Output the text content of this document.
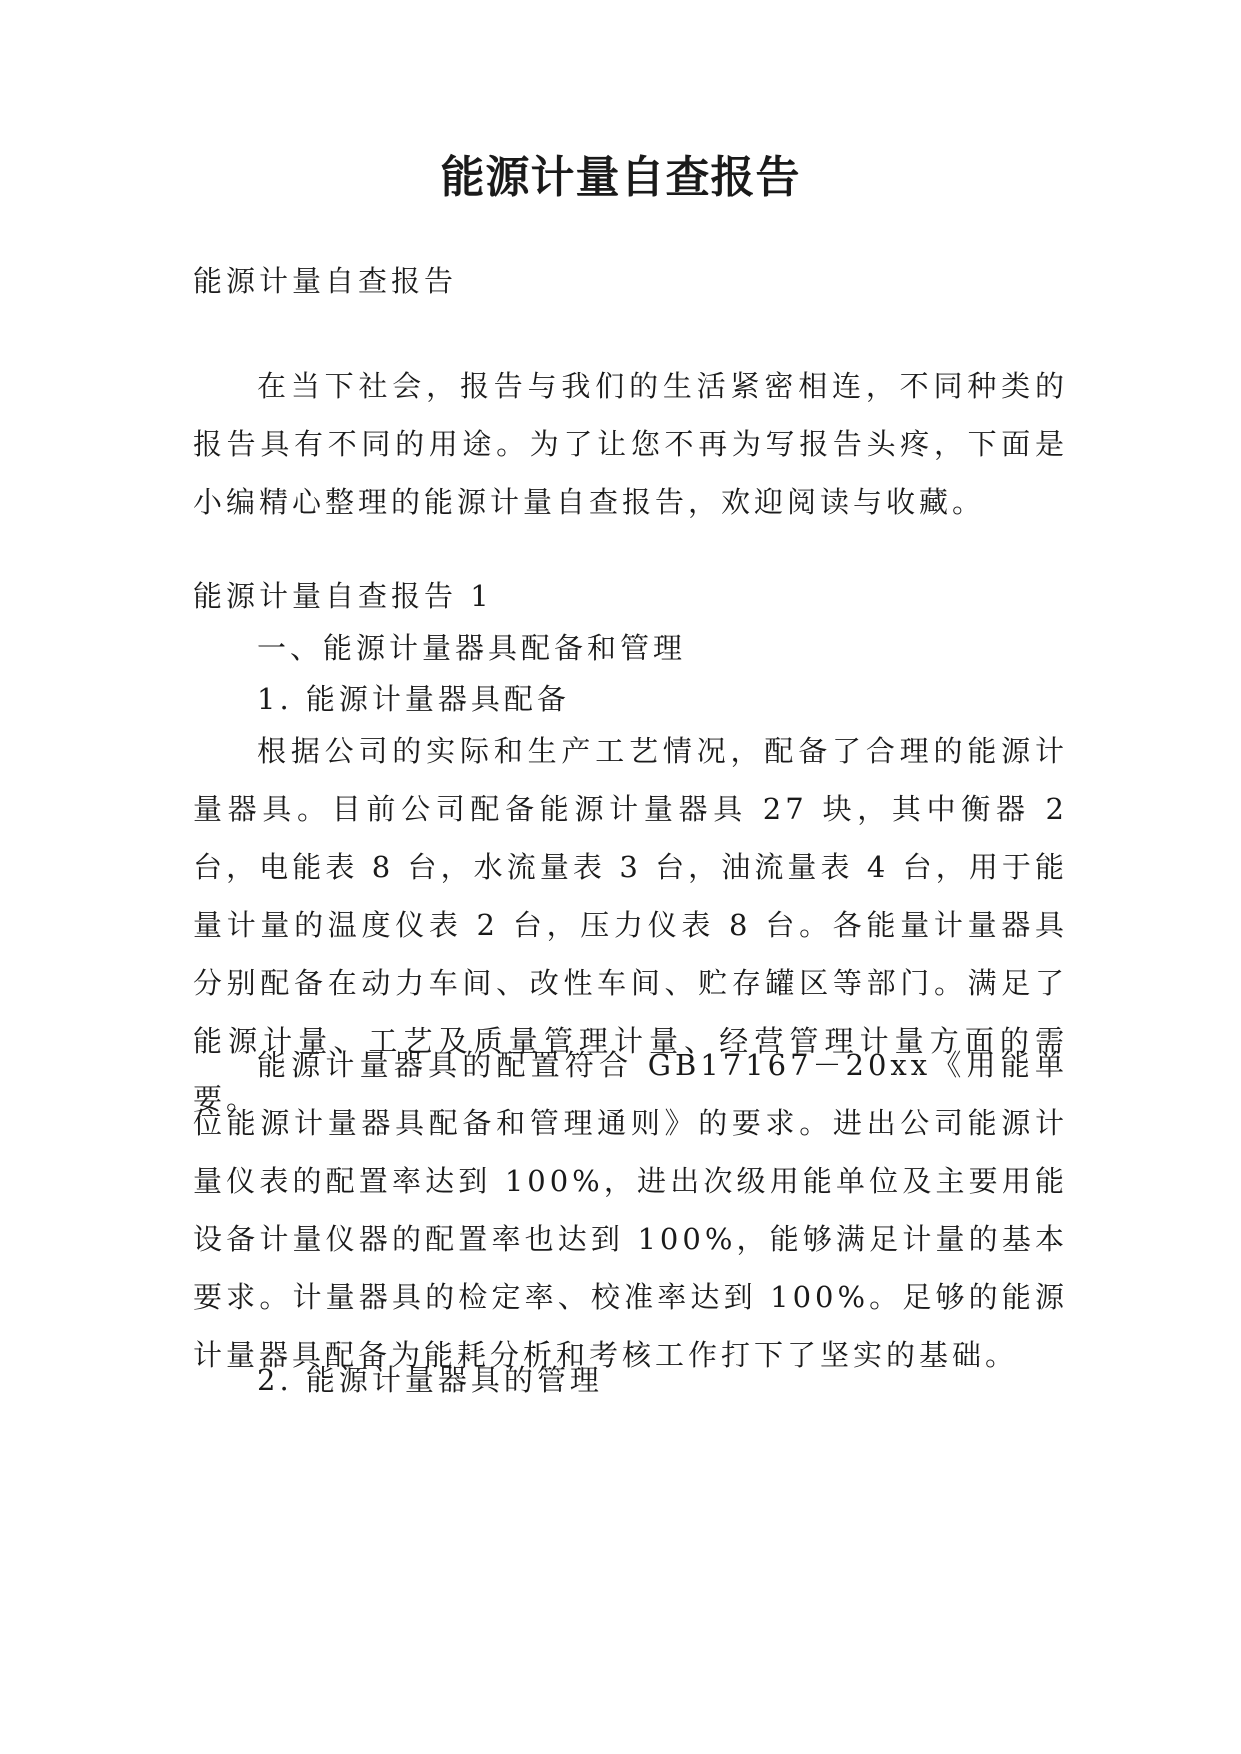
能源计量自查报告

能源计量自查报告

在当下社会，报告与我们的生活紧密相连，不同种类的报告具有不同的用途。为了让您不再为写报告头疼，下面是小编精心整理的能源计量自查报告，欢迎阅读与收藏。

能源计量自查报告 1

一、能源计量器具配备和管理

1. 能源计量器具配备

根据公司的实际和生产工艺情况，配备了合理的能源计量器具。目前公司配备能源计量器具 27 块，其中衡器 2 台，电能表 8 台，水流量表 3 台，油流量表 4 台，用于能量计量的温度仪表 2 台，压力仪表 8 台。各能量计量器具分别配备在动力车间、改性车间、贮存罐区等部门。满足了能源计量、工艺及质量管理计量、经营管理计量方面的需要。

能源计量器具的配置符合 GB17167－20xx《用能单位能源计量器具配备和管理通则》的要求。进出公司能源计量仪表的配置率达到 100%，进出次级用能单位及主要用能设备计量仪器的配置率也达到 100%，能够满足计量的基本要求。计量器具的检定率、校准率达到 100%。足够的能源计量器具配备为能耗分析和考核工作打下了坚实的基础。

2. 能源计量器具的管理
